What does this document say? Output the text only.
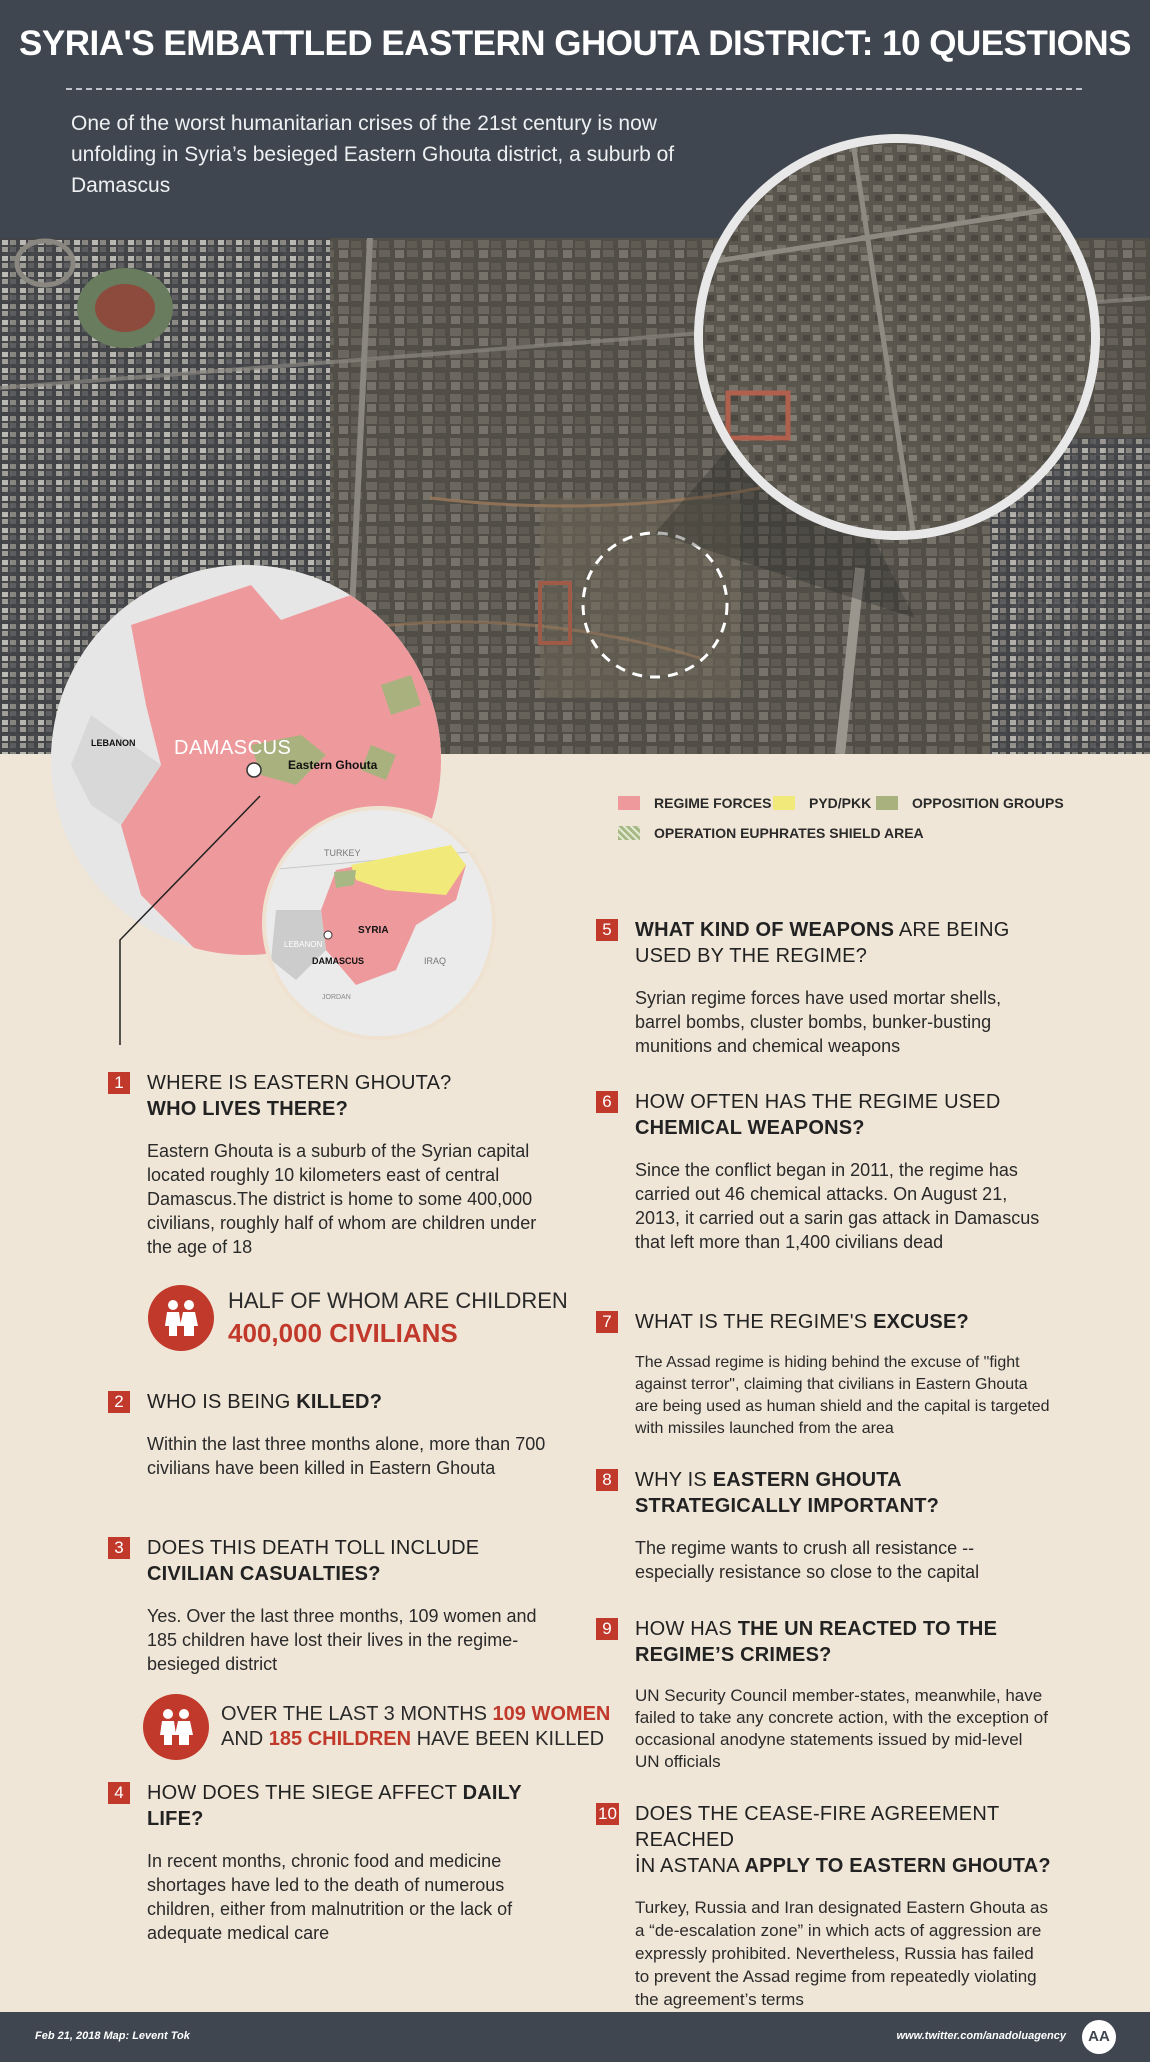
SYRIA'S EMBATTLED EASTERN GHOUTA DISTRICT: 10 QUESTIONS
One of the worst humanitarian crises of the 21st century is now unfolding in Syria’s besieged Eastern Ghouta district, a suburb of Damascus
LEBANON DAMASCUS
Eastern Ghouta
TURKEY
SYRIA
LEBANON
DAMASCUS	IRAQ
JORDAN
REGIME FORCES	PYD/PKK	OPPOSITION GROUPS
OPERATION EUPHRATES SHIELD AREA
1	WHERE IS EASTERN GHOUTA?
WHO LIVES THERE?
Eastern Ghouta is a suburb of the Syrian capital located roughly 10 kilometers east of central Damascus.The district is home to some 400,000 civilians, roughly half of whom are children under the age of 18
HALF OF WHOM ARE CHILDREN
400,000 CIVILIANS
2	WHO IS BEING KILLED?
Within the last three months alone, more than 700 civilians have been killed in Eastern Ghouta
3	DOES THIS DEATH TOLL INCLUDE
CIVILIAN CASUALTIES?
Yes. Over the last three months, 109 women and 185 children have lost their lives in the regime-besieged district
OVER THE LAST 3 MONTHS 109 WOMEN
AND 185 CHILDREN HAVE BEEN KILLED
4	HOW DOES THE SIEGE AFFECT DAILY LIFE?
In recent months, chronic food and medicine shortages have led to the death of numerous children, either from malnutrition or the lack of adequate medical care
5	WHAT KIND OF WEAPONS ARE BEING USED BY THE REGIME?
Syrian regime forces have used mortar shells, barrel bombs, cluster bombs, bunker-busting munitions and chemical weapons
6	HOW OFTEN HAS THE REGIME USED
CHEMICAL WEAPONS?
Since the conflict began in 2011, the regime has carried out 46 chemical attacks. On August 21, 2013, it carried out a sarin gas attack in Damascus that left more than 1,400 civilians dead
7	WHAT IS THE REGIME'S EXCUSE?
The Assad regime is hiding behind the excuse of "fight against terror", claiming that civilians in Eastern Ghouta are being used as human shield and the capital is targeted with missiles launched from the area
8	WHY IS EASTERN GHOUTA STRATEGICALLY IMPORTANT?
The regime wants to crush all resistance -- especially resistance so close to the capital
9	HOW HAS THE UN REACTED TO THE REGIME’S CRIMES?
UN Security Council member-states, meanwhile, have failed to take any concrete action, with the exception of occasional anodyne statements issued by mid-level UN officials
10 DOES THE CEASE-FIRE AGREEMENT REACHED
İN ASTANA APPLY TO EASTERN GHOUTA?
Turkey, Russia and Iran designated Eastern Ghouta as a “de-escalation zone” in which acts of aggression are expressly prohibited. Nevertheless, Russia has failed to prevent the Assad regime from repeatedly violating the agreement’s terms
Feb 21, 2018 Map: Levent Tok	www.twitter.com/anadoluagency	AA
